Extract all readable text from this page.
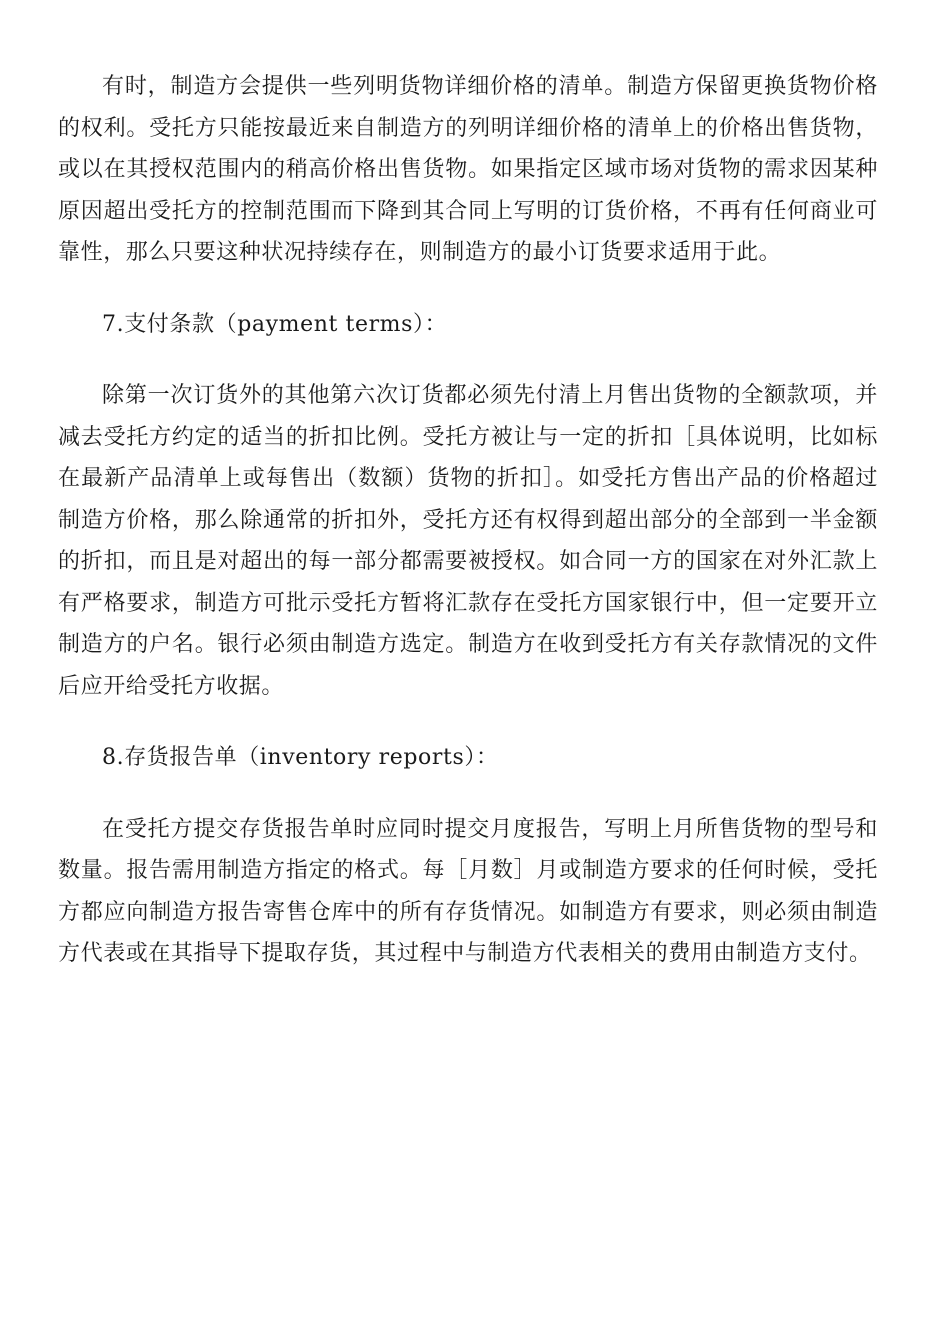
有时，制造方会提供一些列明货物详细价格的清单。制造方保留更换货物价格的权利。受托方只能按最近来自制造方的列明详细价格的清单上的价格出售货物，或以在其授权范围内的稍高价格出售货物。如果指定区域市场对货物的需求因某种原因超出受托方的控制范围而下降到其合同上写明的订货价格，不再有任何商业可靠性，那么只要这种状况持续存在，则制造方的最小订货要求适用于此。

7.支付条款（payment terms）：

除第一次订货外的其他第六次订货都必须先付清上月售出货物的全额款项，并减去受托方约定的适当的折扣比例。受托方被让与一定的折扣［具体说明，比如标在最新产品清单上或每售出（数额）货物的折扣］。如受托方售出产品的价格超过制造方价格，那么除通常的折扣外，受托方还有权得到超出部分的全部到一半金额的折扣，而且是对超出的每一部分都需要被授权。如合同一方的国家在对外汇款上有严格要求，制造方可批示受托方暂将汇款存在受托方国家银行中，但一定要开立制造方的户名。银行必须由制造方选定。制造方在收到受托方有关存款情况的文件后应开给受托方收据。

8.存货报告单（inventory reports）：

在受托方提交存货报告单时应同时提交月度报告，写明上月所售货物的型号和数量。报告需用制造方指定的格式。每［月数］月或制造方要求的任何时候，受托方都应向制造方报告寄售仓库中的所有存货情况。如制造方有要求，则必须由制造方代表或在其指导下提取存货，其过程中与制造方代表相关的费用由制造方支付。
